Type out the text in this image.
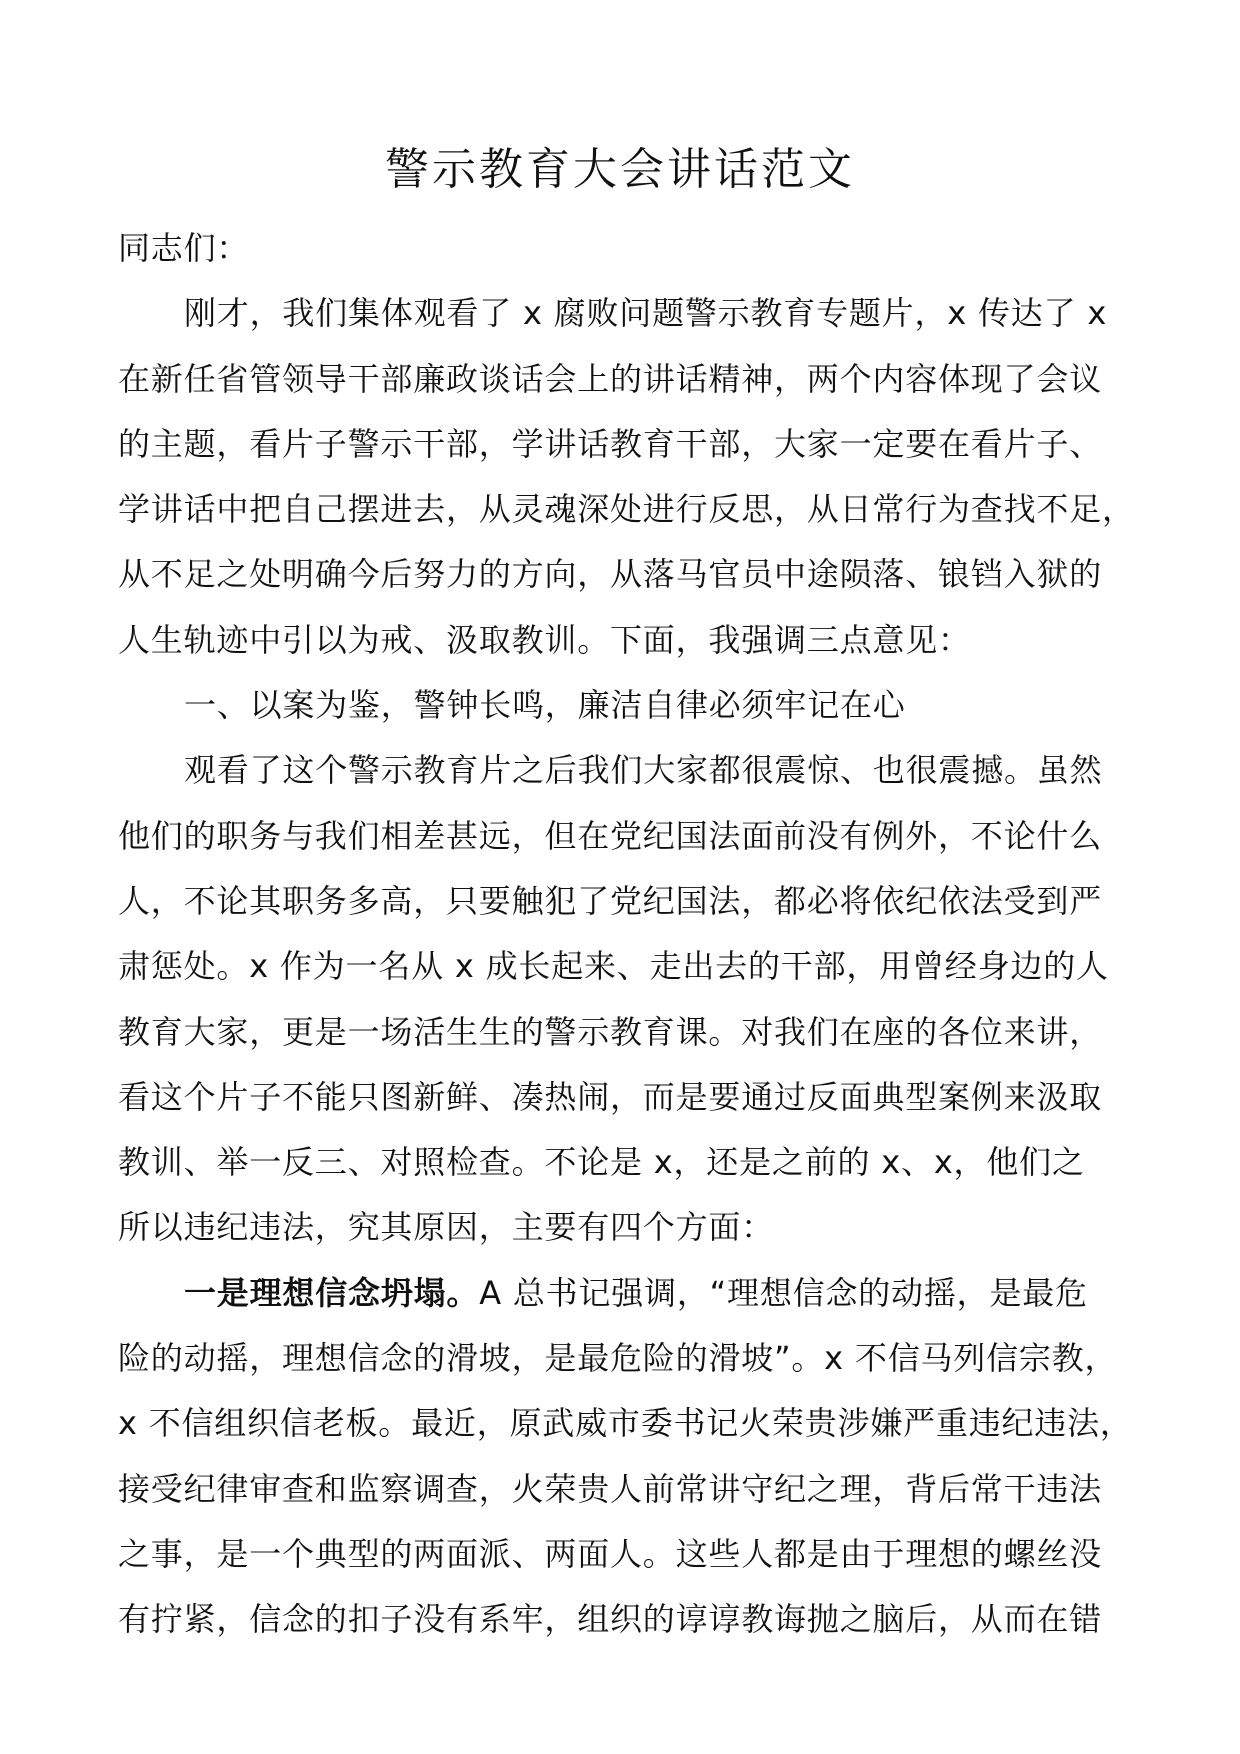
警示教育大会讲话范文
同志们：
刚才，我们集体观看了 x 腐败问题警示教育专题片，x 传达了 x
在新任省管领导干部廉政谈话会上的讲话精神，两个内容体现了会议
的主题，看片子警示干部，学讲话教育干部，大家一定要在看片子、
学讲话中把自己摆进去，从灵魂深处进行反思，从日常行为查找不足，
从不足之处明确今后努力的方向，从落马官员中途陨落、锒铛入狱的
人生轨迹中引以为戒、汲取教训。下面，我强调三点意见：
一、以案为鉴，警钟长鸣，廉洁自律必须牢记在心
观看了这个警示教育片之后我们大家都很震惊、也很震撼。虽然
他们的职务与我们相差甚远，但在党纪国法面前没有例外，不论什么
人，不论其职务多高，只要触犯了党纪国法，都必将依纪依法受到严
肃惩处。x 作为一名从 x 成长起来、走出去的干部，用曾经身边的人
教育大家，更是一场活生生的警示教育课。对我们在座的各位来讲，
看这个片子不能只图新鲜、凑热闹，而是要通过反面典型案例来汲取
教训、举一反三、对照检查。不论是 x，还是之前的 x、x，他们之
所以违纪违法，究其原因，主要有四个方面：
一是理想信念坍塌。A 总书记强调，“理想信念的动摇，是最危
险的动摇，理想信念的滑坡，是最危险的滑坡”。x 不信马列信宗教，
x 不信组织信老板。最近，原武威市委书记火荣贵涉嫌严重违纪违法，
接受纪律审查和监察调查，火荣贵人前常讲守纪之理，背后常干违法
之事，是一个典型的两面派、两面人。这些人都是由于理想的螺丝没
有拧紧，信念的扣子没有系牢，组织的谆谆教诲抛之脑后，从而在错
